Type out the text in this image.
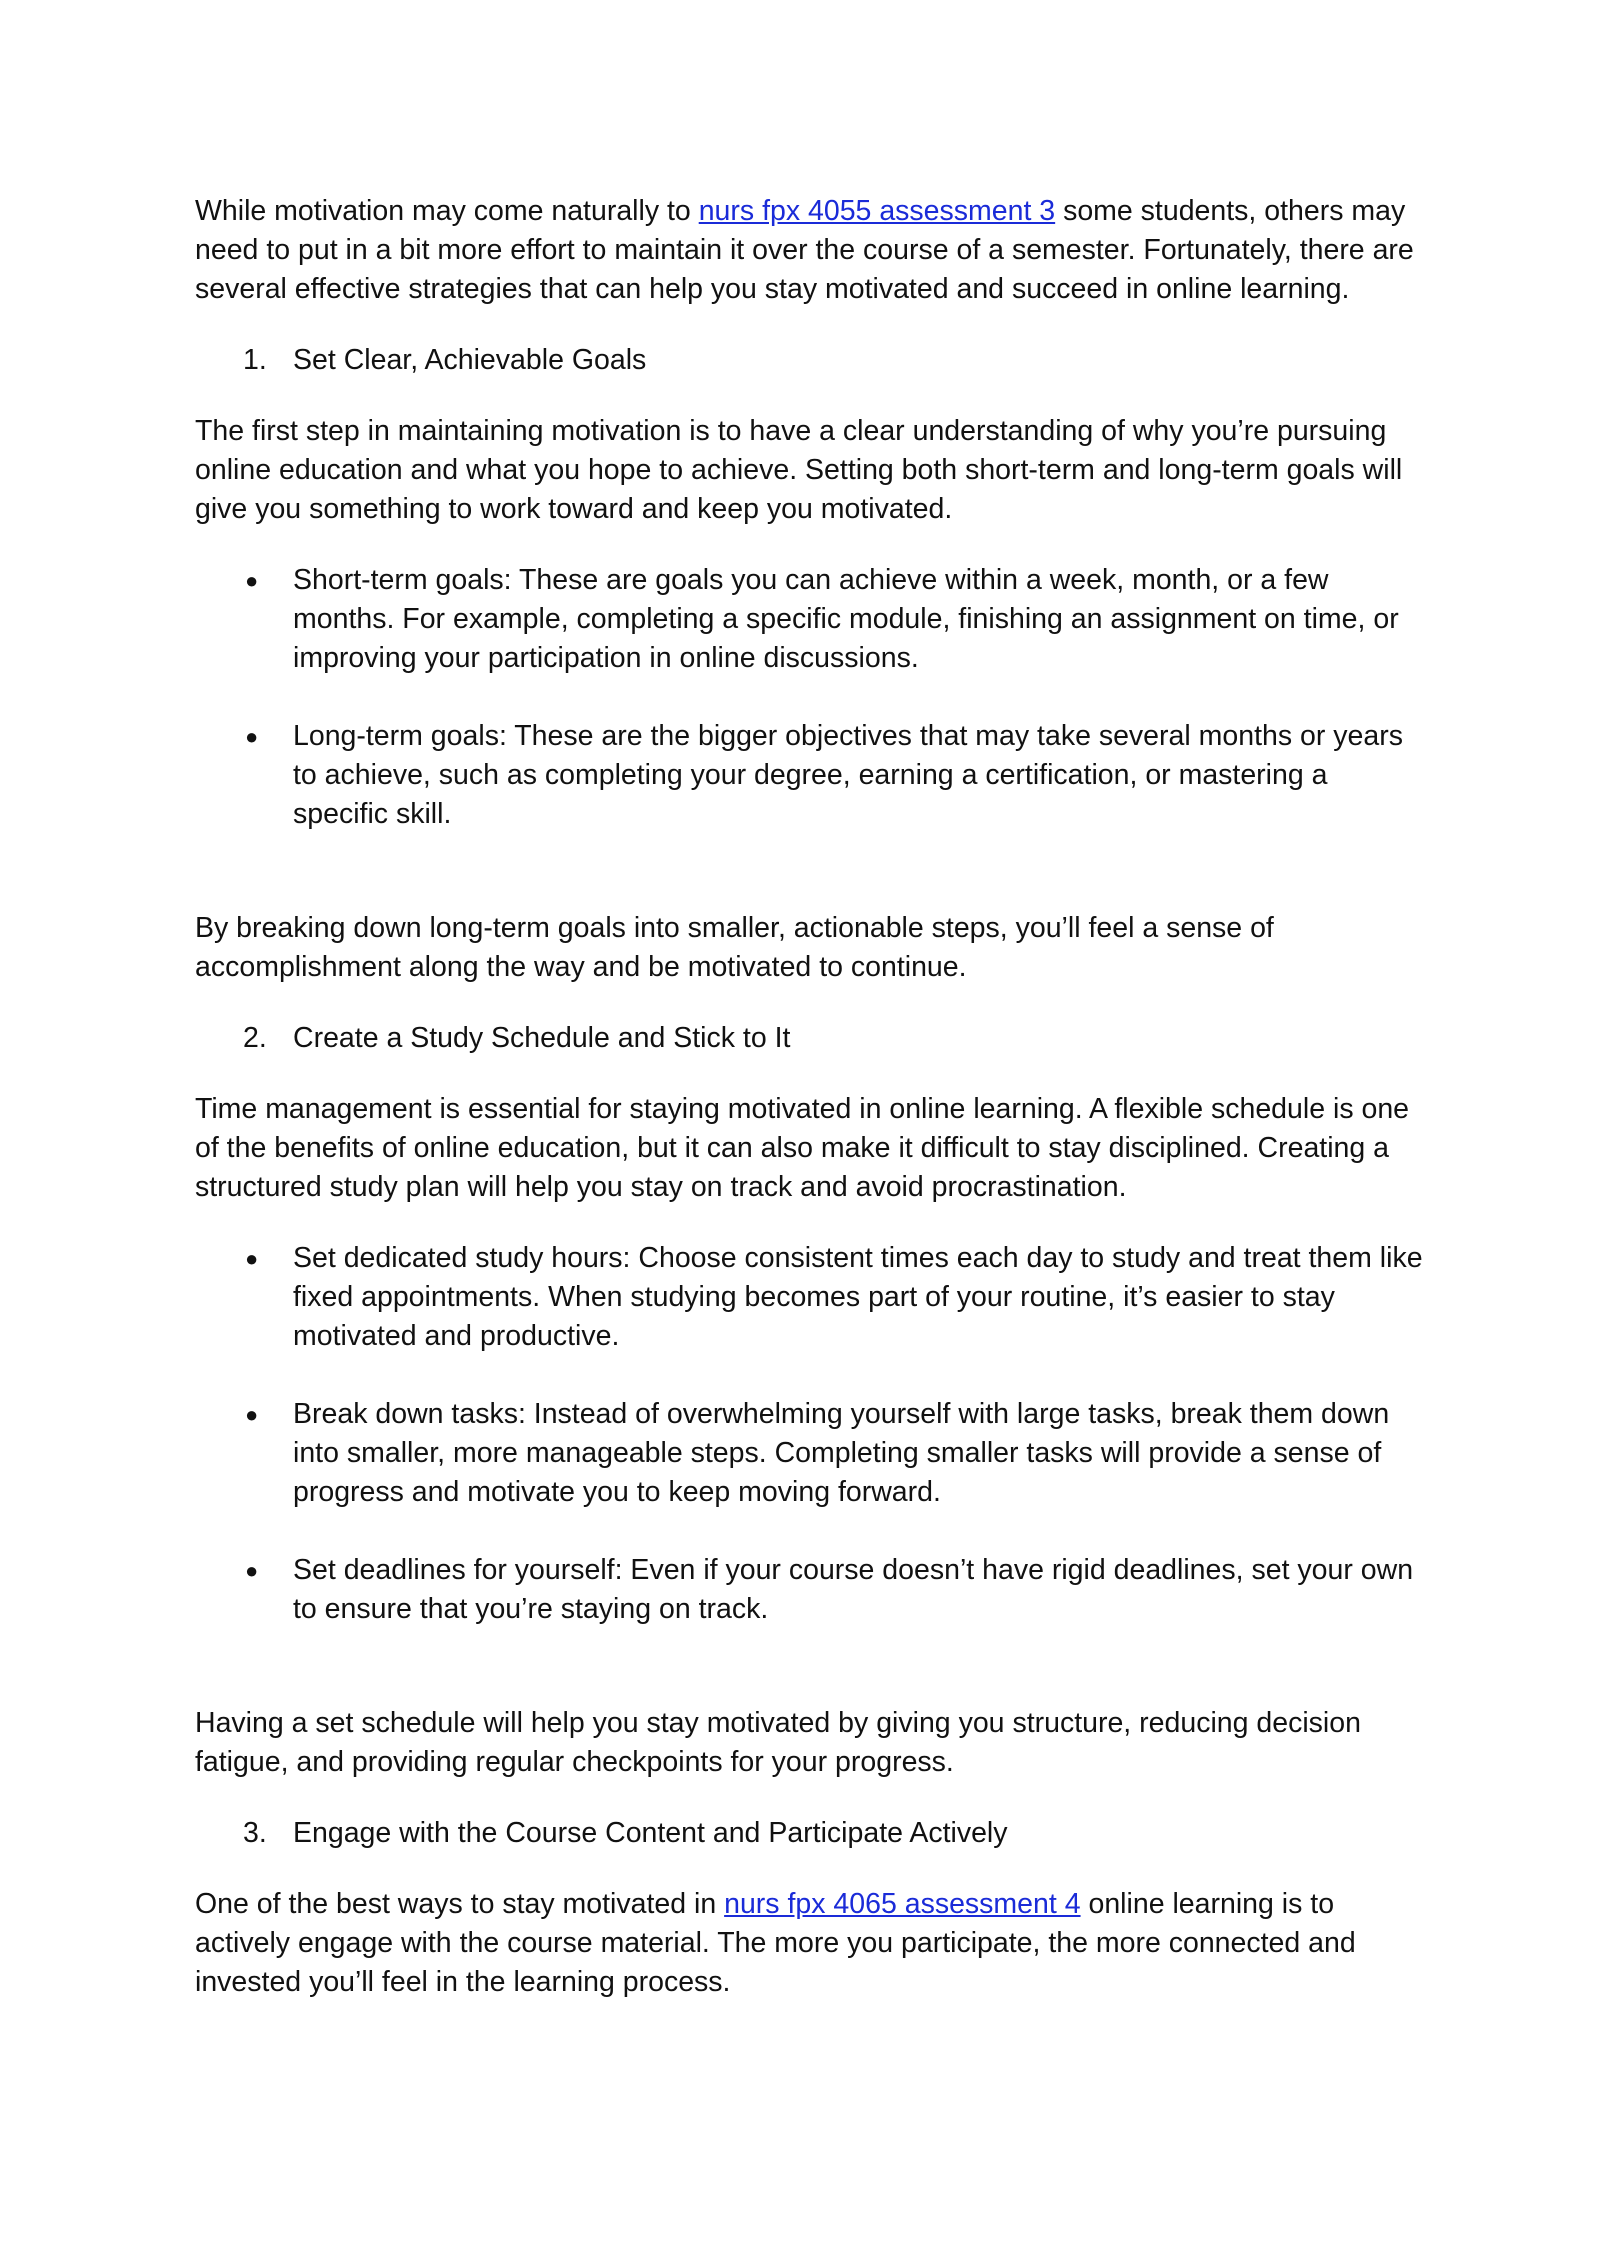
While motivation may come naturally to nurs fpx 4055 assessment 3 some students, others may need to put in a bit more effort to maintain it over the course of a semester. Fortunately, there are several effective strategies that can help you stay motivated and succeed in online learning.

1. Set Clear, Achievable Goals

The first step in maintaining motivation is to have a clear understanding of why you’re pursuing online education and what you hope to achieve. Setting both short-term and long-term goals will give you something to work toward and keep you motivated.

● Short-term goals: These are goals you can achieve within a week, month, or a few months. For example, completing a specific module, finishing an assignment on time, or improving your participation in online discussions.
● Long-term goals: These are the bigger objectives that may take several months or years to achieve, such as completing your degree, earning a certification, or mastering a specific skill.

By breaking down long-term goals into smaller, actionable steps, you’ll feel a sense of accomplishment along the way and be motivated to continue.

2. Create a Study Schedule and Stick to It

Time management is essential for staying motivated in online learning. A flexible schedule is one of the benefits of online education, but it can also make it difficult to stay disciplined. Creating a structured study plan will help you stay on track and avoid procrastination.

● Set dedicated study hours: Choose consistent times each day to study and treat them like fixed appointments. When studying becomes part of your routine, it’s easier to stay motivated and productive.
● Break down tasks: Instead of overwhelming yourself with large tasks, break them down into smaller, more manageable steps. Completing smaller tasks will provide a sense of progress and motivate you to keep moving forward.
● Set deadlines for yourself: Even if your course doesn’t have rigid deadlines, set your own to ensure that you’re staying on track.

Having a set schedule will help you stay motivated by giving you structure, reducing decision fatigue, and providing regular checkpoints for your progress.

3. Engage with the Course Content and Participate Actively

One of the best ways to stay motivated in nurs fpx 4065 assessment 4 online learning is to actively engage with the course material. The more you participate, the more connected and invested you’ll feel in the learning process.
